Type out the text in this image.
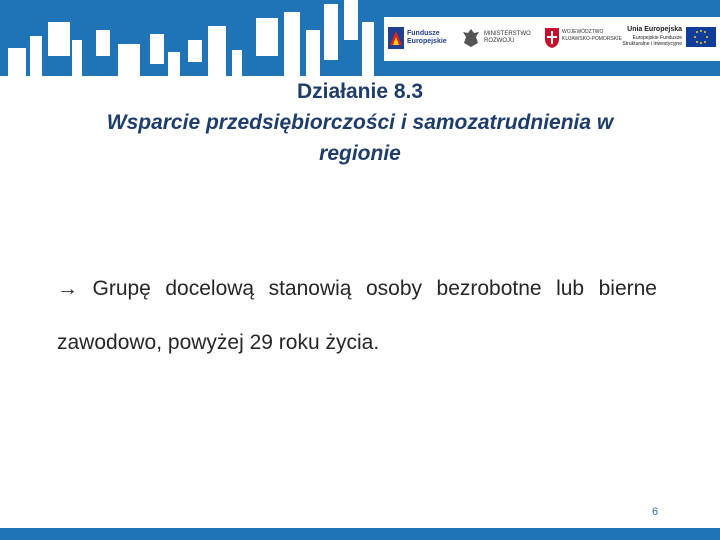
Fundusze
Europejskie
MINISTERSTWO
ROZWOJU
WOJEWÓDZTWO
KUJAWSKO-POMORSKIE
Unia Europejska
Europejskie Fundusze
Strukturalne i Inwestycyjne
Działanie 8.3
Wsparcie przedsiębiorczości i samozatrudnienia w
regionie
→ Grupę docelową stanowią osoby bezrobotne lub bierne zawodowo, powyżej 29 roku życia.
6
